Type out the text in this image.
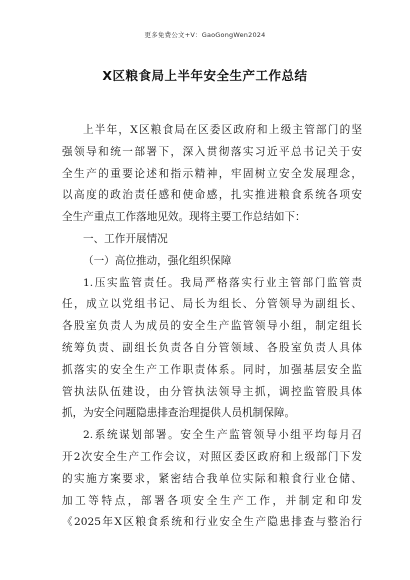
更多免费公文+V：GaoGongWen2024
X区粮食局上半年安全生产工作总结
上半年，X区粮食局在区委区政府和上级主管部门的坚
强领导和统一部署下，深入贯彻落实习近平总书记关于安
全生产的重要论述和指示精神，牢固树立安全发展理念，
以高度的政治责任感和使命感，扎实推进粮食系统各项安
全生产重点工作落地见效。现将主要工作总结如下：
一、工作开展情况
（一）高位推动，强化组织保障
1.压实监管责任。我局严格落实行业主管部门监管责
任，成立以党组书记、局长为组长、分管领导为副组长、
各股室负责人为成员的安全生产监管领导小组，制定组长
统筹负责、副组长负责各自分管领域、各股室负责人具体
抓落实的安全生产工作职责体系。同时，加强基层安全监
管执法队伍建设，由分管执法领导主抓，调控监管股具体
抓，为安全问题隐患排查治理提供人员机制保障。
2.系统谋划部署。安全生产监管领导小组平均每月召
开2次安全生产工作会议，对照区委区政府和上级部门下发
的实施方案要求，紧密结合我单位实际和粮食行业仓储、
加工等特点，部署各项安全生产工作，并制定和印发
《2025年X区粮食系统和行业安全生产隐患排查与整治行
